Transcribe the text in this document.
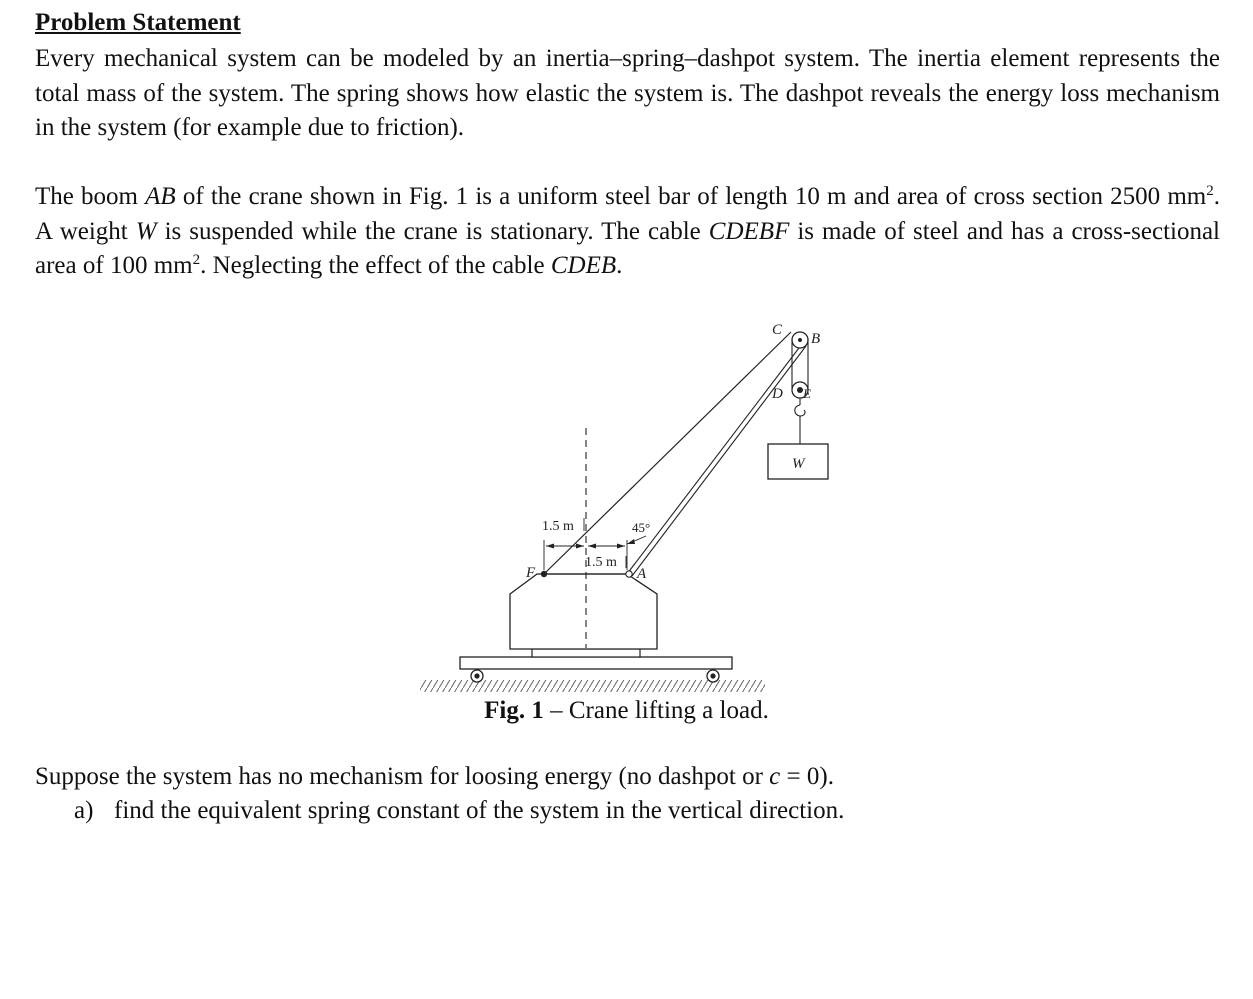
Problem Statement

Every mechanical system can be modeled by an inertia–spring–dashpot system. The inertia element represents the total mass of the system. The spring shows how elastic the system is. The dashpot reveals the energy loss mechanism in the system (for example due to friction).

The boom AB of the crane shown in Fig. 1 is a uniform steel bar of length 10 m and area of cross section 2500 $mm^2$. A weight W is suspended while the crane is stationary. The cable CDEBF is made of steel and has a cross-sectional area of 100 $mm^2$. Neglecting the effect of the cable CDEB.

1.5 m
1.5 m
45°
C
B
D E
F	A
W
Fig. 1 – Crane lifting a load.
Suppose the system has no mechanism for loosing energy (no dashpot or c = 0).
a) find the equivalent spring constant of the system in the vertical direction.
